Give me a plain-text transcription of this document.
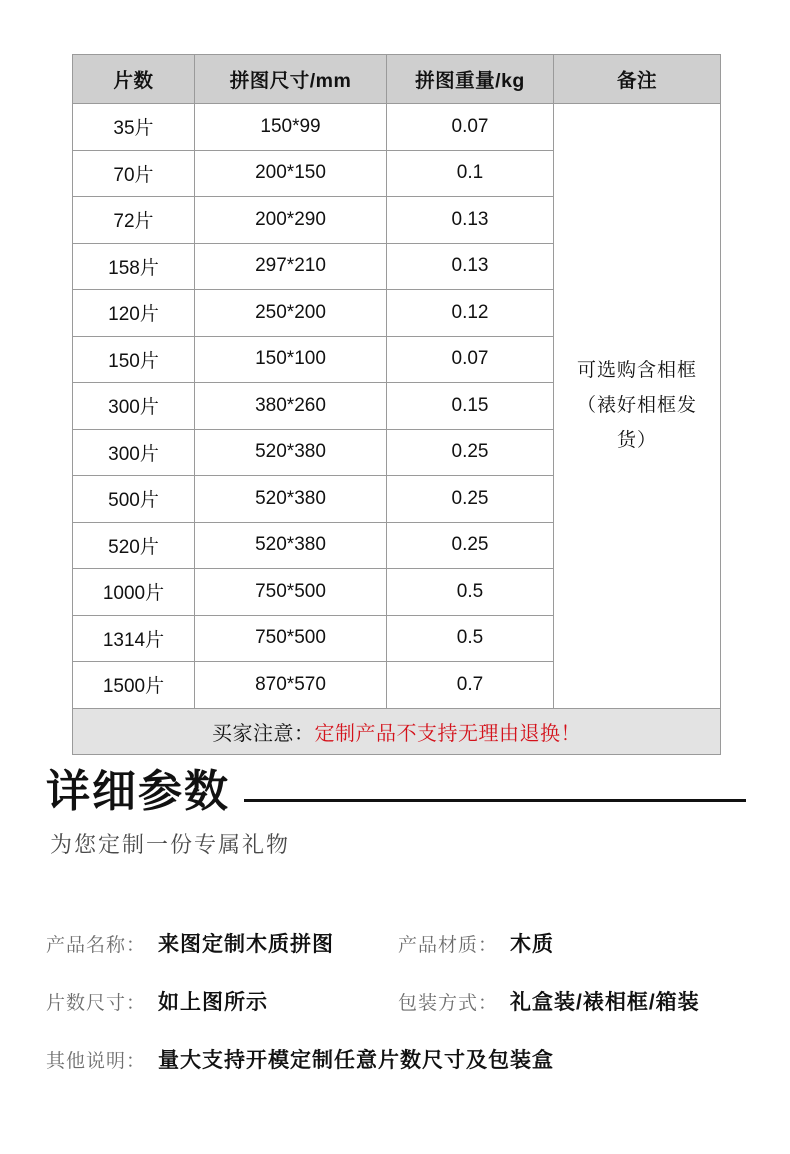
片数	拼图尺寸/mm	拼图重量/kg	备注
35片	150*99	0.07	可选购含相框（裱好相框发货）
70片	200*150	0.1	
72片	200*290	0.13	
158片	297*210	0.13	
120片	250*200	0.12	
150片	150*100	0.07	
300片	380*260	0.15	
300片	520*380	0.25	
500片	520*380	0.25	
520片	520*380	0.25	
1000片	750*500	0.5	
1314片	750*500	0.5	
1500片	870*570	0.7	
买家注意：定制产品不支持无理由退换！			
详细参数
为您定制一份专属礼物
产品名称： 来图定制木质拼图	产品材质： 木质
片数尺寸： 如上图所示	包装方式： 礼盒装/裱相框/箱装
其他说明： 量大支持开模定制任意片数尺寸及包装盒
